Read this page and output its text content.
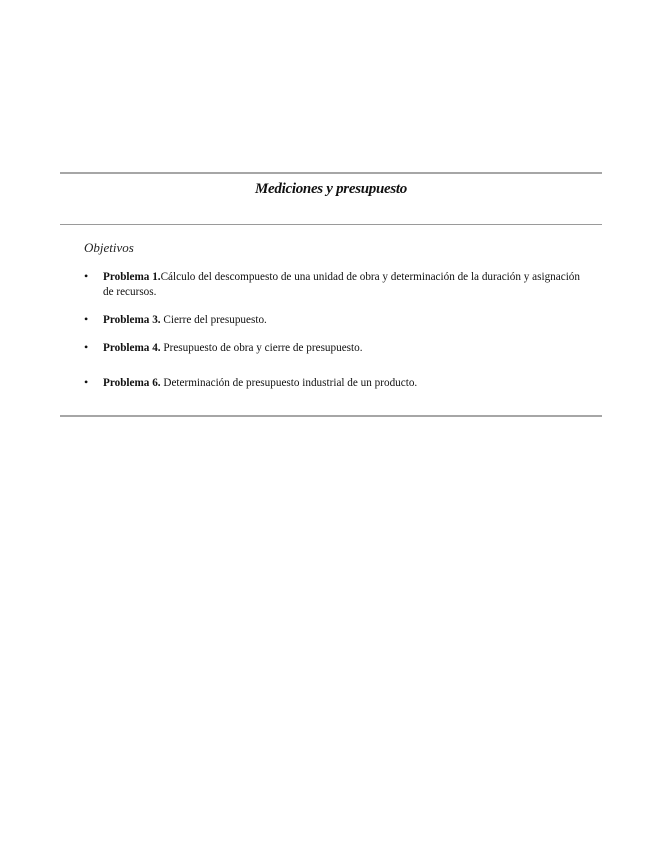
Mediciones y presupuesto
Objetivos
• Problema 1.Cálculo del descompuesto de una unidad de obra y determinación de la duración y asignación de recursos.
• Problema 3. Cierre del presupuesto.
• Problema 4. Presupuesto de obra y cierre de presupuesto.
• Problema 6. Determinación de presupuesto industrial de un producto.
